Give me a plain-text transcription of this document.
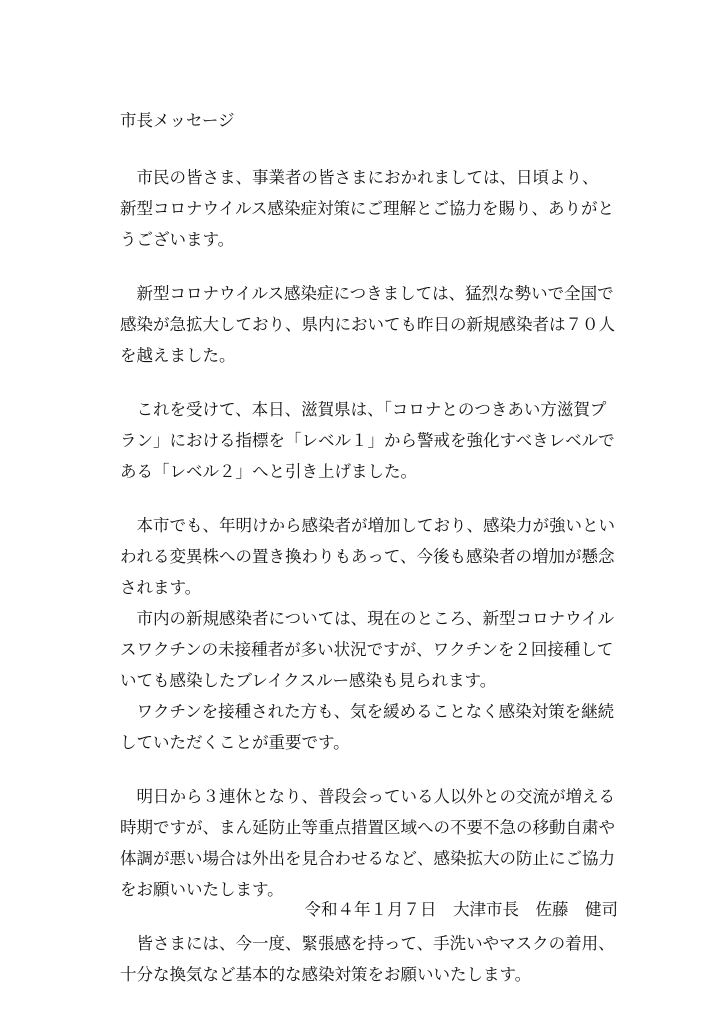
市長メッセージ
　市民の皆さま、事業者の皆さまにおかれましては、日頃より、
新型コロナウイルス感染症対策にご理解とご協力を賜り、ありがと
うございます。
　新型コロナウイルス感染症につきましては、猛烈な勢いで全国で
感染が急拡大しており、県内においても昨日の新規感染者は７０人
を越えました。
　これを受けて、本日、滋賀県は、「コロナとのつきあい方滋賀プ
ラン」における指標を「レベル１」から警戒を強化すべきレベルで
ある「レベル２」へと引き上げました。
　本市でも、年明けから感染者が増加しており、感染力が強いとい
われる変異株への置き換わりもあって、今後も感染者の増加が懸念
されます。
　市内の新規感染者については、現在のところ、新型コロナウイル
スワクチンの未接種者が多い状況ですが、ワクチンを２回接種して
いても感染したブレイクスルー感染も見られます。
　ワクチンを接種された方も、気を緩めることなく感染対策を継続
していただくことが重要です。
　明日から３連休となり、普段会っている人以外との交流が増える
時期ですが、まん延防止等重点措置区域への不要不急の移動自粛や
体調が悪い場合は外出を見合わせるなど、感染拡大の防止にご協力
をお願いいたします。
　皆さまには、今一度、緊張感を持って、手洗いやマスクの着用、
十分な換気など基本的な感染対策をお願いいたします。
令和４年１月７日　大津市長　佐藤　健司
